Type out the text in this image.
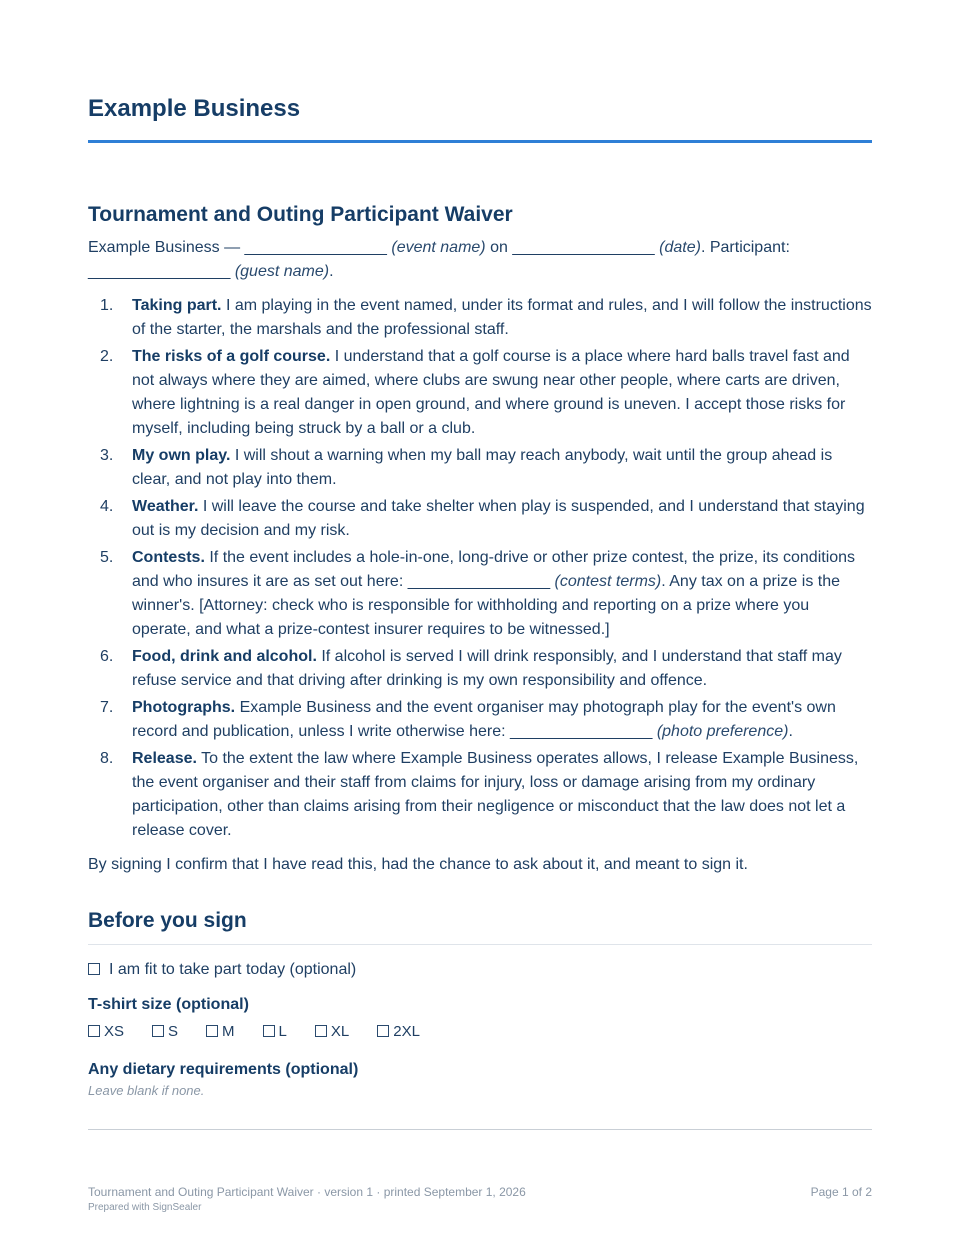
Example Business
Tournament and Outing Participant Waiver
Example Business — ________________ (event name) on ________________ (date). Participant: ________________ (guest name).
1. Taking part. I am playing in the event named, under its format and rules, and I will follow the instructions of the starter, the marshals and the professional staff.
2. The risks of a golf course. I understand that a golf course is a place where hard balls travel fast and not always where they are aimed, where clubs are swung near other people, where carts are driven, where lightning is a real danger in open ground, and where ground is uneven. I accept those risks for myself, including being struck by a ball or a club.
3. My own play. I will shout a warning when my ball may reach anybody, wait until the group ahead is clear, and not play into them.
4. Weather. I will leave the course and take shelter when play is suspended, and I understand that staying out is my decision and my risk.
5. Contests. If the event includes a hole-in-one, long-drive or other prize contest, the prize, its conditions and who insures it are as set out here: ________________ (contest terms). Any tax on a prize is the winner's. [Attorney: check who is responsible for withholding and reporting on a prize where you operate, and what a prize-contest insurer requires to be witnessed.]
6. Food, drink and alcohol. If alcohol is served I will drink responsibly, and I understand that staff may refuse service and that driving after drinking is my own responsibility and offence.
7. Photographs. Example Business and the event organiser may photograph play for the event's own record and publication, unless I write otherwise here: ________________ (photo preference).
8. Release. To the extent the law where Example Business operates allows, I release Example Business, the event organiser and their staff from claims for injury, loss or damage arising from my ordinary participation, other than claims arising from their negligence or misconduct that the law does not let a release cover.
By signing I confirm that I have read this, had the chance to ask about it, and meant to sign it.
Before you sign
I am fit to take part today (optional)
T-shirt size (optional)
XS	S	M	L	XL	2XL
Any dietary requirements (optional)
Leave blank if none.
Tournament and Outing Participant Waiver · version 1 · printed September 1, 2026	Page 1 of 2
Prepared with SignSealer
